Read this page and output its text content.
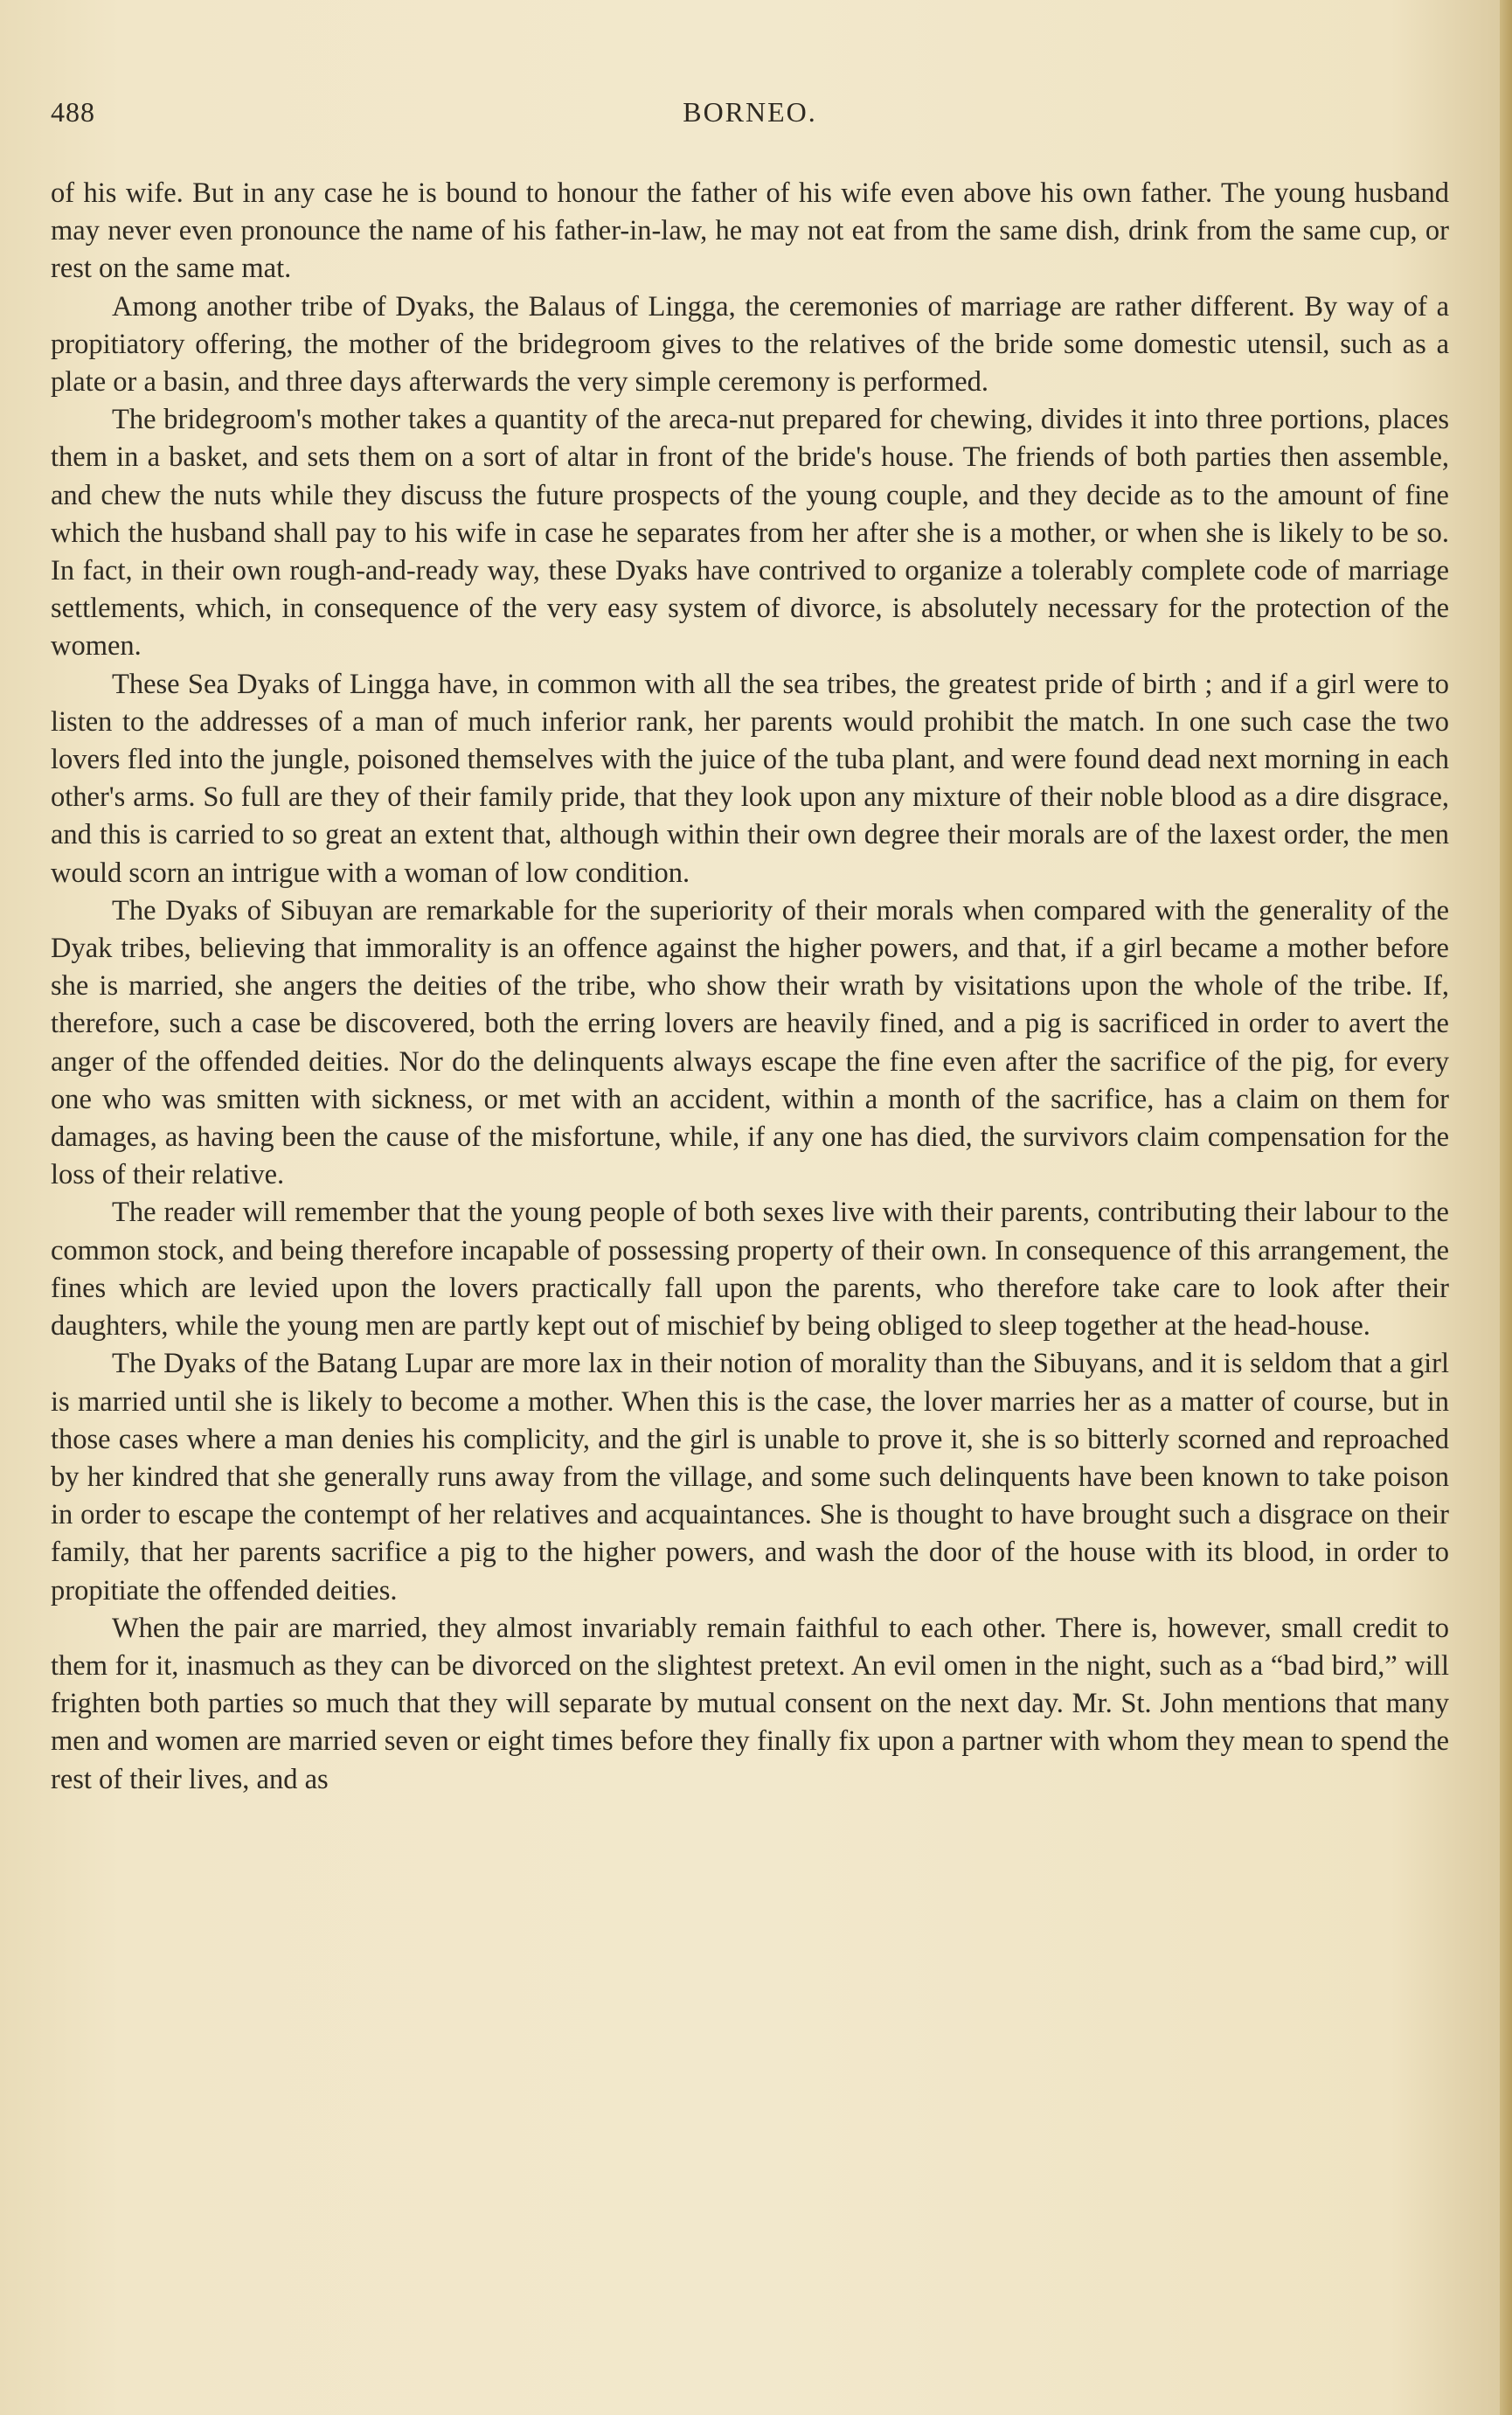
488	BORNEO.

of his wife. But in any case he is bound to honour the father of his wife even above his own father. The young husband may never even pronounce the name of his father-in-law, he may not eat from the same dish, drink from the same cup, or rest on the same mat.

Among another tribe of Dyaks, the Balaus of Lingga, the ceremonies of marriage are rather different. By way of a propitiatory offering, the mother of the bridegroom gives to the relatives of the bride some domestic utensil, such as a plate or a basin, and three days afterwards the very simple ceremony is performed.

The bridegroom's mother takes a quantity of the areca-nut prepared for chewing, divides it into three portions, places them in a basket, and sets them on a sort of altar in front of the bride's house. The friends of both parties then assemble, and chew the nuts while they discuss the future prospects of the young couple, and they decide as to the amount of fine which the husband shall pay to his wife in case he separates from her after she is a mother, or when she is likely to be so. In fact, in their own rough-and-ready way, these Dyaks have contrived to organize a tolerably complete code of marriage settlements, which, in consequence of the very easy system of divorce, is absolutely necessary for the protection of the women.

These Sea Dyaks of Lingga have, in common with all the sea tribes, the greatest pride of birth ; and if a girl were to listen to the addresses of a man of much inferior rank, her parents would prohibit the match. In one such case the two lovers fled into the jungle, poisoned themselves with the juice of the tuba plant, and were found dead next morning in each other's arms. So full are they of their family pride, that they look upon any mixture of their noble blood as a dire disgrace, and this is carried to so great an extent that, although within their own degree their morals are of the laxest order, the men would scorn an intrigue with a woman of low condition.

The Dyaks of Sibuyan are remarkable for the superiority of their morals when compared with the generality of the Dyak tribes, believing that immorality is an offence against the higher powers, and that, if a girl became a mother before she is married, she angers the deities of the tribe, who show their wrath by visitations upon the whole of the tribe. If, therefore, such a case be discovered, both the erring lovers are heavily fined, and a pig is sacrificed in order to avert the anger of the offended deities. Nor do the delinquents always escape the fine even after the sacrifice of the pig, for every one who was smitten with sickness, or met with an accident, within a month of the sacrifice, has a claim on them for damages, as having been the cause of the misfortune, while, if any one has died, the survivors claim compensation for the loss of their relative.

The reader will remember that the young people of both sexes live with their parents, contributing their labour to the common stock, and being therefore incapable of possessing property of their own. In consequence of this arrangement, the fines which are levied upon the lovers practically fall upon the parents, who therefore take care to look after their daughters, while the young men are partly kept out of mischief by being obliged to sleep together at the head-house.

The Dyaks of the Batang Lupar are more lax in their notion of morality than the Sibuyans, and it is seldom that a girl is married until she is likely to become a mother. When this is the case, the lover marries her as a matter of course, but in those cases where a man denies his complicity, and the girl is unable to prove it, she is so bitterly scorned and reproached by her kindred that she generally runs away from the village, and some such delinquents have been known to take poison in order to escape the contempt of her relatives and acquaintances. She is thought to have brought such a disgrace on their family, that her parents sacrifice a pig to the higher powers, and wash the door of the house with its blood, in order to propitiate the offended deities.

When the pair are married, they almost invariably remain faithful to each other. There is, however, small credit to them for it, inasmuch as they can be divorced on the slightest pretext. An evil omen in the night, such as a “bad bird,” will frighten both parties so much that they will separate by mutual consent on the next day. Mr. St. John mentions that many men and women are married seven or eight times before they finally fix upon a partner with whom they mean to spend the rest of their lives, and as
